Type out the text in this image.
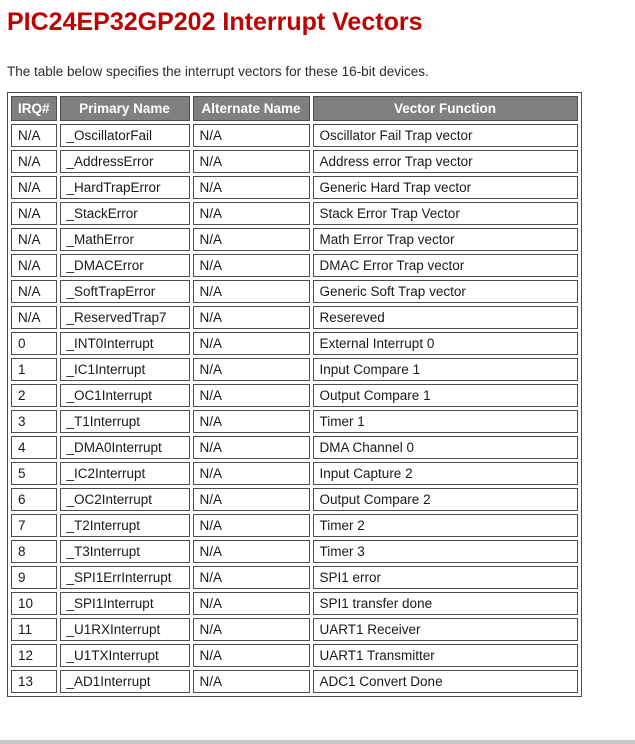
PIC24EP32GP202 Interrupt Vectors

The table below specifies the interrupt vectors for these 16-bit devices.

IRQ#	Primary Name	Alternate Name	Vector Function
N/A	_OscillatorFail	N/A	Oscillator Fail Trap vector
N/A	_AddressError	N/A	Address error Trap vector
N/A	_HardTrapError	N/A	Generic Hard Trap vector
N/A	_StackError	N/A	Stack Error Trap Vector
N/A	_MathError	N/A	Math Error Trap vector
N/A	_DMACError	N/A	DMAC Error Trap vector
N/A	_SoftTrapError	N/A	Generic Soft Trap vector
N/A	_ReservedTrap7	N/A	Resereved
0	_INT0Interrupt	N/A	External Interrupt 0
1	_IC1Interrupt	N/A	Input Compare 1
2	_OC1Interrupt	N/A	Output Compare 1
3	_T1Interrupt	N/A	Timer 1
4	_DMA0Interrupt	N/A	DMA Channel 0
5	_IC2Interrupt	N/A	Input Capture 2
6	_OC2Interrupt	N/A	Output Compare 2
7	_T2Interrupt	N/A	Timer 2
8	_T3Interrupt	N/A	Timer 3
9	_SPI1ErrInterrupt	N/A	SPI1 error
10	_SPI1Interrupt	N/A	SPI1 transfer done
11	_U1RXInterrupt	N/A	UART1 Receiver
12	_U1TXInterrupt	N/A	UART1 Transmitter
13	_AD1Interrupt	N/A	ADC1 Convert Done
